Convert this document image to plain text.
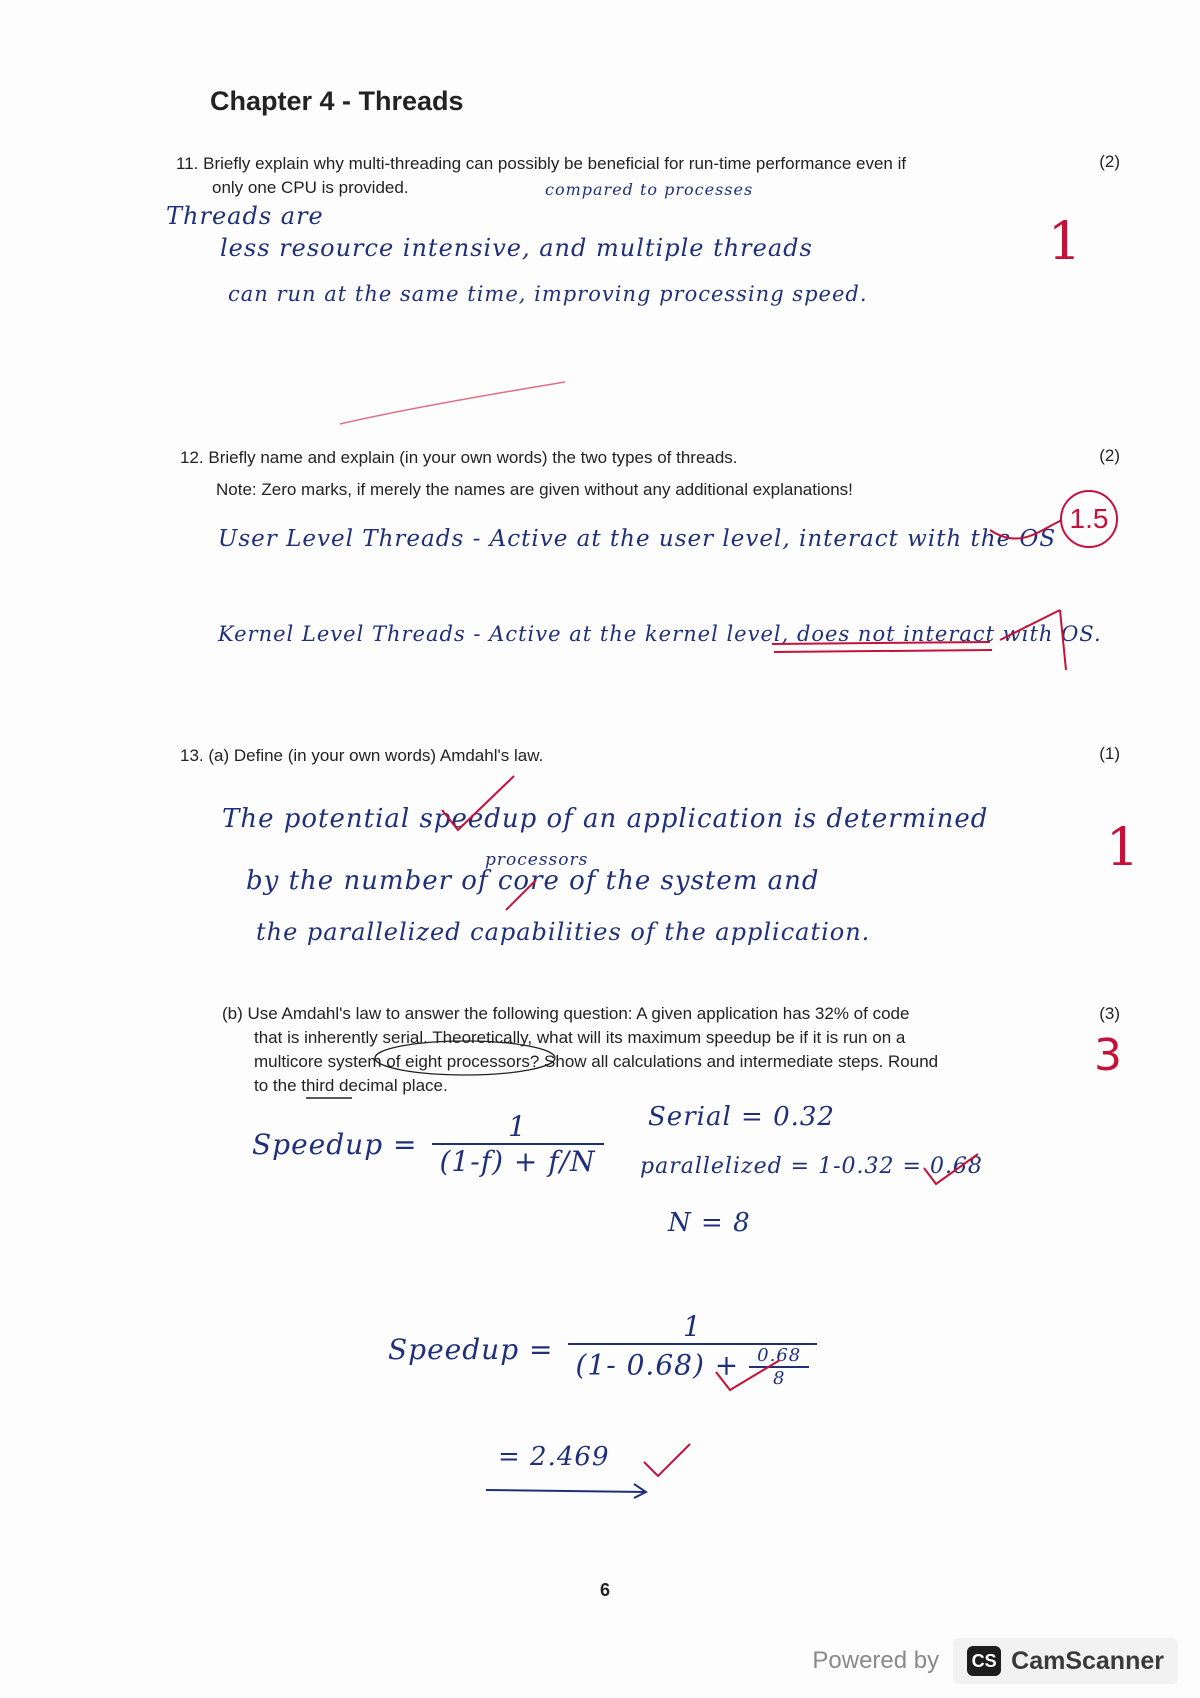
Chapter 4 - Threads
11. Briefly explain why multi-threading can possibly be beneficial for run-time performance even if
only one CPU is provided.
(2)
compared to processes
Threads are
less resource intensive, and multiple threads
can run at the same time, improving processing speed.
1
12. Briefly name and explain (in your own words) the two types of threads.
Note: Zero marks, if merely the names are given without any additional explanations!
(2)
User Level Threads - Active at the user level, interact with the OS
Kernel Level Threads - Active at the kernel level, does not interact with OS.
1.5
13. (a) Define (in your own words) Amdahl's law.	(1)
The potential speedup of an application is determined
processors
by the number of core of the system and
the parallelized capabilities of the application.
1
(b) Use Amdahl's law to answer the following question: A given application has 32% of code
that is inherently serial. Theoretically, what will its maximum speedup be if it is run on a
multicore system of eight processors? Show all calculations and intermediate steps. Round
to the third decimal place.
(3)
3
Speedup = $\frac{1}{(1-f) + f/N}$ Serial = 0.32
parallelized = 1-0.32 = 0.68
N = 8
Speedup = $\frac{1}{(1- 0.68) + \frac{0.68}{8}}$
= 2.469
6
Powered by CS CamScanner
